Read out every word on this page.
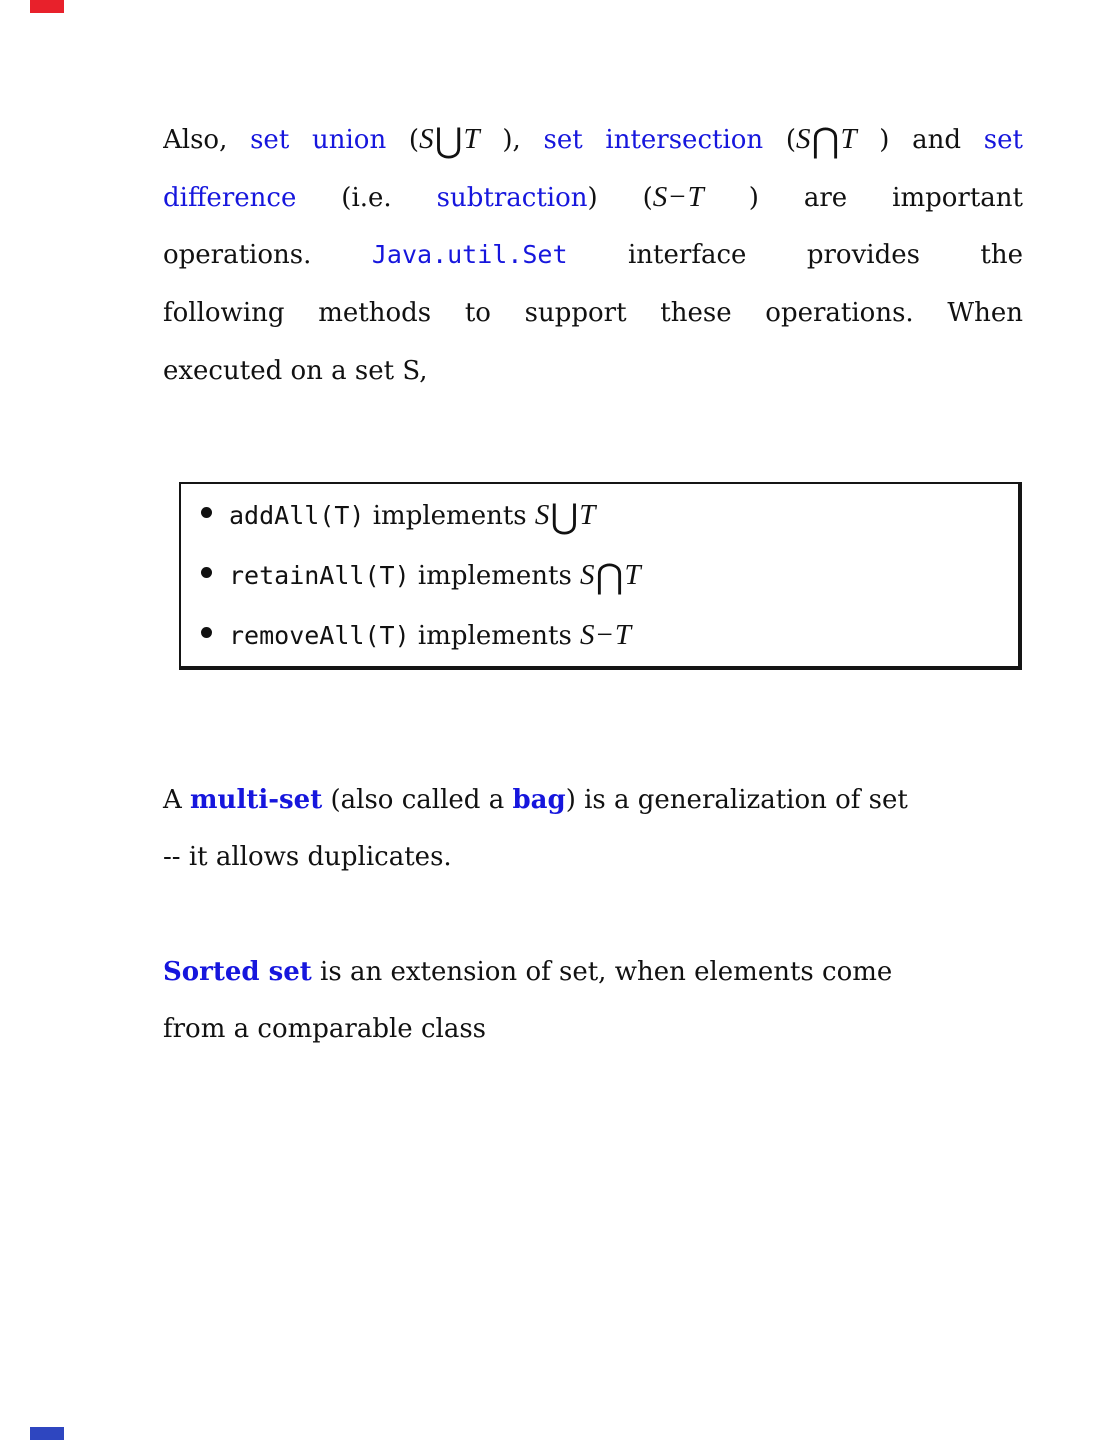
Also, set union (S⋃T ), set intersection (S⋂T ) and set
difference (i.e. subtraction) (S−T ) are important
operations. Java.util.Set interface provides the
following methods to support these operations. When
executed on a set S,
addAll(T) implements S⋃T
retainAll(T) implements S⋂T
removeAll(T) implements S−T
A multi-set (also called a bag) is a generalization of set
-- it allows duplicates.
Sorted set is an extension of set, when elements come
from a comparable class
